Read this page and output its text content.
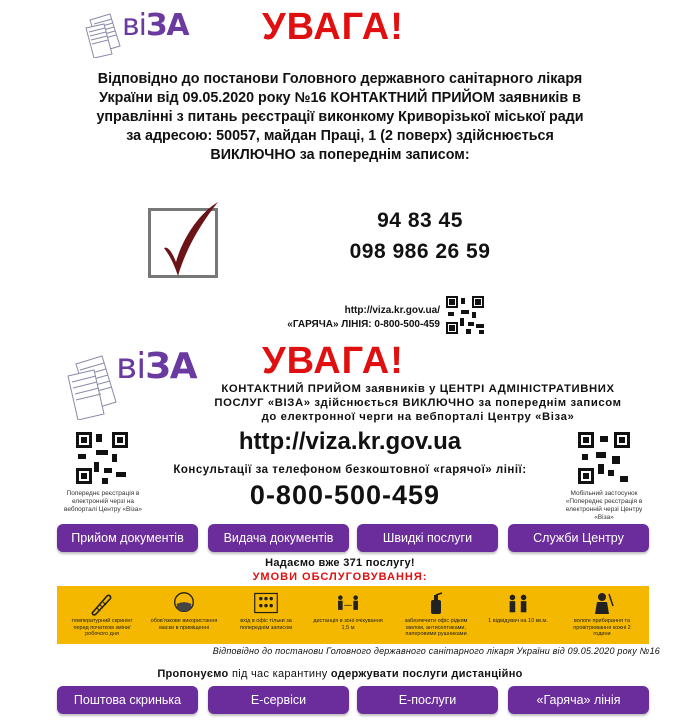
віЗА УВАГА!
Відповідно до постанови Головного державного санітарного лікаря
України від 09.05.2020 року №16 КОНТАКТНИЙ ПРИЙОМ заявників в
управлінні з питань реєстрації виконкому Криворізької міської ради
за адресою: 50057, майдан Праці, 1 (2 поверх) здійснюється
ВИКЛЮЧНО за попереднім записом:
94 83 45
098 986 26 59
http://viza.kr.gov.ua/
«ГАРЯЧА» ЛІНІЯ: 0-800-500-459
віЗА УВАГА!
КОНТАКТНИЙ ПРИЙОМ заявників у ЦЕНТРІ АДМІНІСТРАТИВНИХ
ПОСЛУГ «ВІЗА» здійснюється ВИКЛЮЧНО за попереднім записом
до електронної черги на вебпорталі Центру «Віза»
Попереднє реєстрація в електронній черзі на вебпорталі Центру «Віза»
Мобільний застосунок «Попереднє реєстрація в електронній черзі Центру «Віза»
http://viza.kr.gov.ua
Консультації за телефоном безкоштовної «гарячої» лінії:
0-800-500-459
Прийом документів	Видача документів	Швидкі послуги	Служби Центру
Надаємо вже 371 послугу!
УМОВИ ОБСЛУГОВУВАННЯ:
температурний скринінг перед початком зміни/ робочого дня
обов'язкове використання маски в приміщенні
вхід в офіс тільки за попереднім записом
дистанція в зоні очікування 1,5 м
забезпечити офіс рідким милом, антисептиками, паперовими рушниками
1 відвідувач на 10 кв.м.	вологе прибирання та провітрювання кожні 2 години
Відповідно до постанови Головного державного санітарного лікаря України від 09.05.2020 року №16
Пропонуємо під час карантину одержувати послуги дистанційно
Поштова скринька	Е-сервіси	Е-послуги	«Гаряча» лінія
